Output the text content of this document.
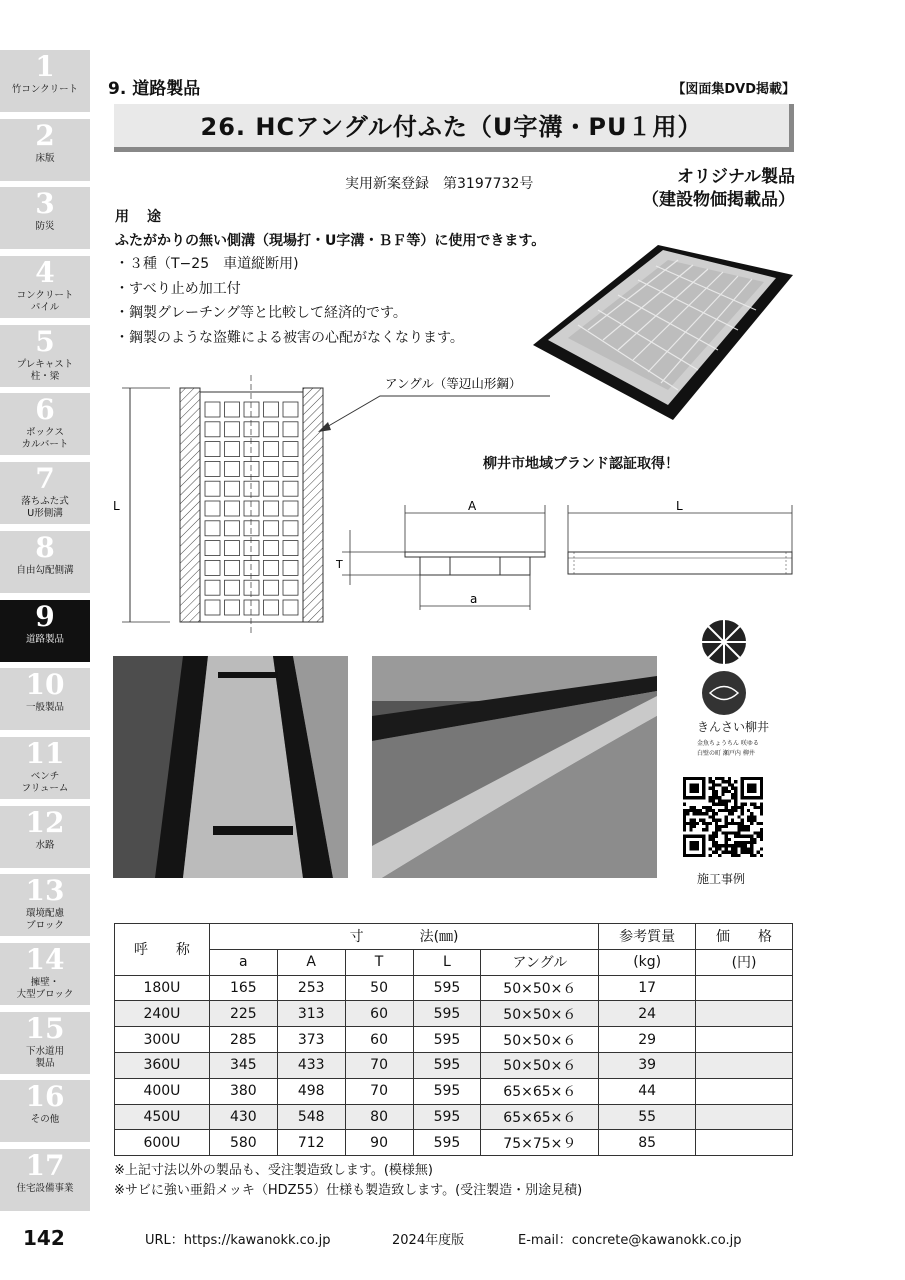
1
竹コンクリート
2
床版
3
防災
4
コンクリート
パイル
5
プレキャスト
柱・梁
6
ボックス
カルバート
7
落ちふた式
U形側溝
8
自由勾配側溝
9
道路製品
10
一般製品
11
ベンチ
フリューム
12
水路
13
環境配慮
ブロック
14
擁壁・
大型ブロック
15
下水道用
製品
16
その他
17
住宅設備事業
9. 道路製品	【図面集DVD掲載】
26. HCアングル付ふた（U字溝・PU１用）
実用新案登録　第3197732号	オリジナル製品
（建設物価掲載品）
用途
ふたがかりの無い側溝（現場打・U字溝・ＢＦ等）に使用できます。
・３種（T−25　車道縦断用)
・すべり止め加工付
・鋼製グレーチング等と比較して経済的です。
・鋼製のような盗難による被害の心配がなくなります。
L
アングル（等辺山形鋼）
A
a
T
L
柳井市地域ブランド認証取得！
きんさい柳井
金魚ちょうちん 咲ゆる
白壁の町 瀬戸内 柳井
施工事例
呼　　称	寸　　　　法(㎜)					参考質量	価　　格
	a	A	T	L	アングル	(kg)	(円)
180U	165	253	50	595	50×50×６	17	
240U	225	313	60	595	50×50×６	24	
300U	285	373	60	595	50×50×６	29	
360U	345	433	70	595	50×50×６	39	
400U	380	498	70	595	65×65×６	44	
450U	430	548	80	595	65×65×６	55	
600U	580	712	90	595	75×75×９	85	
※上記寸法以外の製品も、受注製造致します。(模様無)
※サビに強い亜鉛メッキ（HDZ55）仕様も製造致します。(受注製造・別途見積)
142	URL：https://kawanokk.co.jp	2024年度版	E-mail：concrete@kawanokk.co.jp
